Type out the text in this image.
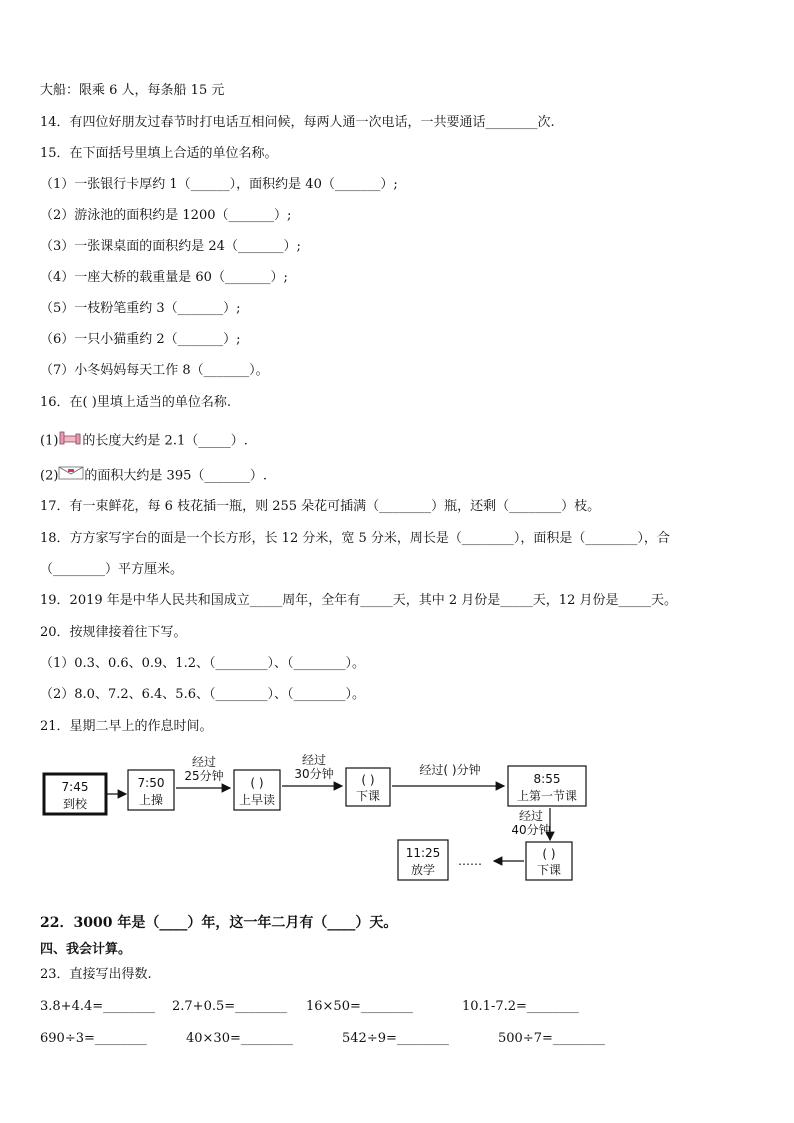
大船：限乘 6 人，每条船 15 元
14．有四位好朋友过春节时打电话互相问候，每两人通一次电话，一共要通话________次.
15．在下面括号里填上合适的单位名称。
（1）一张银行卡厚约 1（______），面积约是 40（_______）;
（2）游泳池的面积约是 1200（_______）;
（3）一张课桌面的面积约是 24（_______）;
（4）一座大桥的载重量是 60（_______）;
（5）一枝粉笔重约 3（_______）;
（6）一只小猫重约 2（_______）;
（7）小冬妈妈每天工作 8（_______）。
16．在( )里填上适当的单位名称.
(1) 的长度大约是 2.1（_____）.
(2) 的面积大约是 395（_______）.
17．有一束鲜花，每 6 枝花插一瓶，则 255 朵花可插满（________）瓶，还剩（________）枝。
18．方方家写字台的面是一个长方形，长 12 分米，宽 5 分米，周长是（________），面积是（________），合
（________）平方厘米。
19．2019 年是中华人民共和国成立_____周年，全年有_____天，其中 2 月份是_____天，12 月份是_____天。
20．按规律接着往下写。
（1）0.3、0.6、0.9、1.2、（________）、（________）。
（2）8.0、7.2、6.4、5.6、（________）、（________）。
21．星期二早上的作息时间。
7:45
到校
7:50
上操
经过
25分钟 ( )
上早读
经过
30分钟 ( )
下课
经过( )分钟
8:55
上第一节课
经过
40分钟
( )
下课
……
11:25
放学
22．3000 年是（____）年，这一年二月有（____）天。
四、我会计算。
23．直接写出得数.
3.8+4.4=________ 2.7+0.5=________ 16×50=________	10.1-7.2=________
690÷3=________	40×30=________	542÷9=________	500÷7=________
